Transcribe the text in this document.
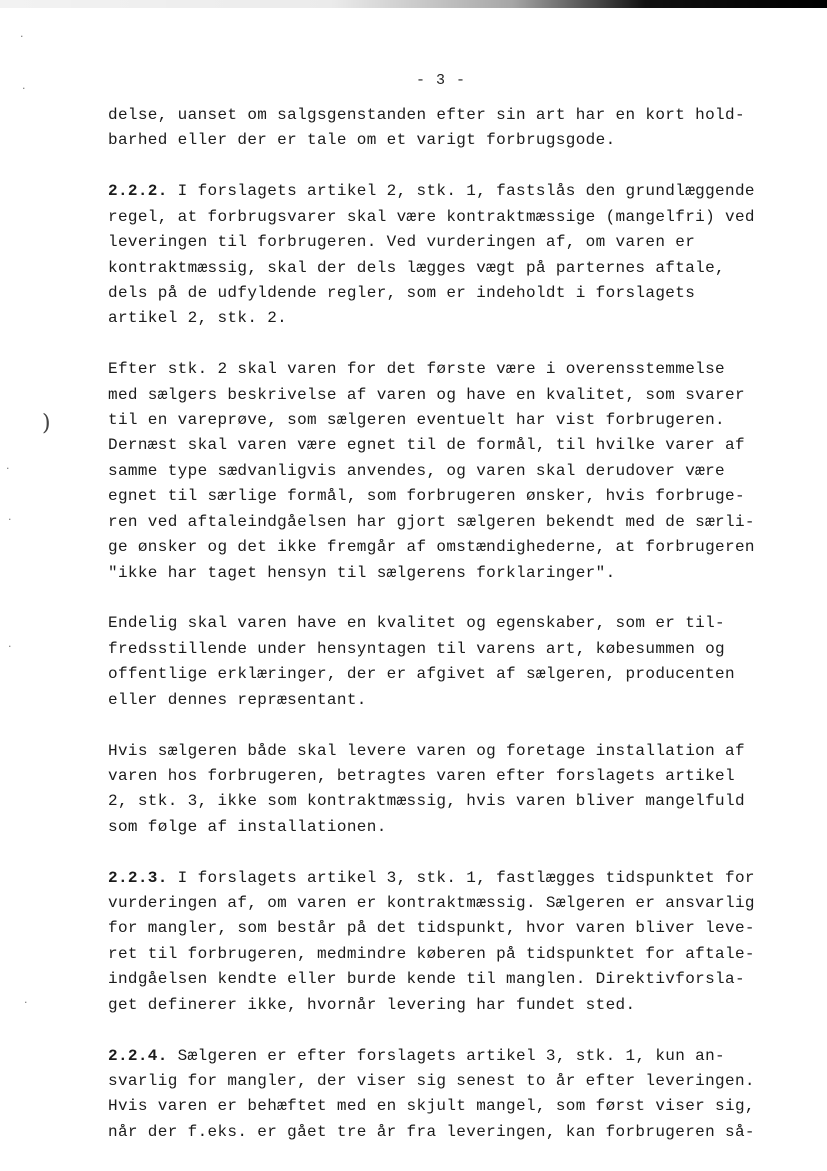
·
·
)
·
·
·
·
- 3 -

delse, uanset om salgsgenstanden efter sin art har en kort hold-
barhed eller der er tale om et varigt forbrugsgode.

2.2.2. I forslagets artikel 2, stk. 1, fastslås den grundlæggende
regel, at forbrugsvarer skal være kontraktmæssige (mangelfri) ved
leveringen til forbrugeren. Ved vurderingen af, om varen er
kontraktmæssig, skal der dels lægges vægt på parternes aftale,
dels på de udfyldende regler, som er indeholdt i forslagets
artikel 2, stk. 2.

Efter stk. 2 skal varen for det første være i overensstemmelse
med sælgers beskrivelse af varen og have en kvalitet, som svarer
til en vareprøve, som sælgeren eventuelt har vist forbrugeren.
Dernæst skal varen være egnet til de formål, til hvilke varer af
samme type sædvanligvis anvendes, og varen skal derudover være
egnet til særlige formål, som forbrugeren ønsker, hvis forbruge-
ren ved aftaleindgåelsen har gjort sælgeren bekendt med de særli-
ge ønsker og det ikke fremgår af omstændighederne, at forbrugeren
"ikke har taget hensyn til sælgerens forklaringer".

Endelig skal varen have en kvalitet og egenskaber, som er til-
fredsstillende under hensyntagen til varens art, købesummen og
offentlige erklæringer, der er afgivet af sælgeren, producenten
eller dennes repræsentant.

Hvis sælgeren både skal levere varen og foretage installation af
varen hos forbrugeren, betragtes varen efter forslagets artikel
2, stk. 3, ikke som kontraktmæssig, hvis varen bliver mangelfuld
som følge af installationen.

2.2.3. I forslagets artikel 3, stk. 1, fastlægges tidspunktet for
vurderingen af, om varen er kontraktmæssig. Sælgeren er ansvarlig
for mangler, som består på det tidspunkt, hvor varen bliver leve-
ret til forbrugeren, medmindre køberen på tidspunktet for aftale-
indgåelsen kendte eller burde kende til manglen. Direktivforsla-
get definerer ikke, hvornår levering har fundet sted.

2.2.4. Sælgeren er efter forslagets artikel 3, stk. 1, kun an-
svarlig for mangler, der viser sig senest to år efter leveringen.
Hvis varen er behæftet med en skjult mangel, som først viser sig,
når der f.eks. er gået tre år fra leveringen, kan forbrugeren så-
